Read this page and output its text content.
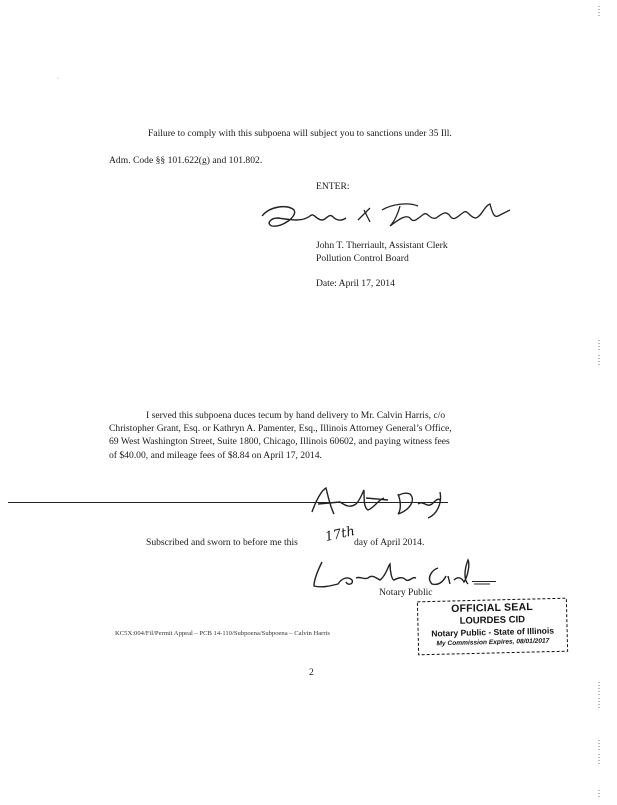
Failure to comply with this subpoena will subject you to sanctions under 35 Ill.
Adm. Code §§ 101.622(g) and 101.802.
ENTER:
John T. Therriault, Assistant Clerk
Pollution Control Board
Date: April 17, 2014
I served this subpoena duces tecum by hand delivery to Mr. Calvin Harris, c/o
Christopher Grant, Esq. or Kathryn A. Pamenter, Esq., Illinois Attorney General’s Office,
69 West Washington Street, Suite 1800, Chicago, Illinois 60602, and paying witness fees
of $40.00, and mileage fees of $8.84 on April 17, 2014.
Subscribed and sworn to before me this 17th
day of April 2014.
Notary Public
OFFICIAL SEAL
LOURDES CID
Notary Public - State of Illinois
My Commission Expires, 08/01/2017
KC5X:004/Fil/Permit Appeal – PCB 14-110/Subpoena/Subpoena – Calvin Harris
2
·
